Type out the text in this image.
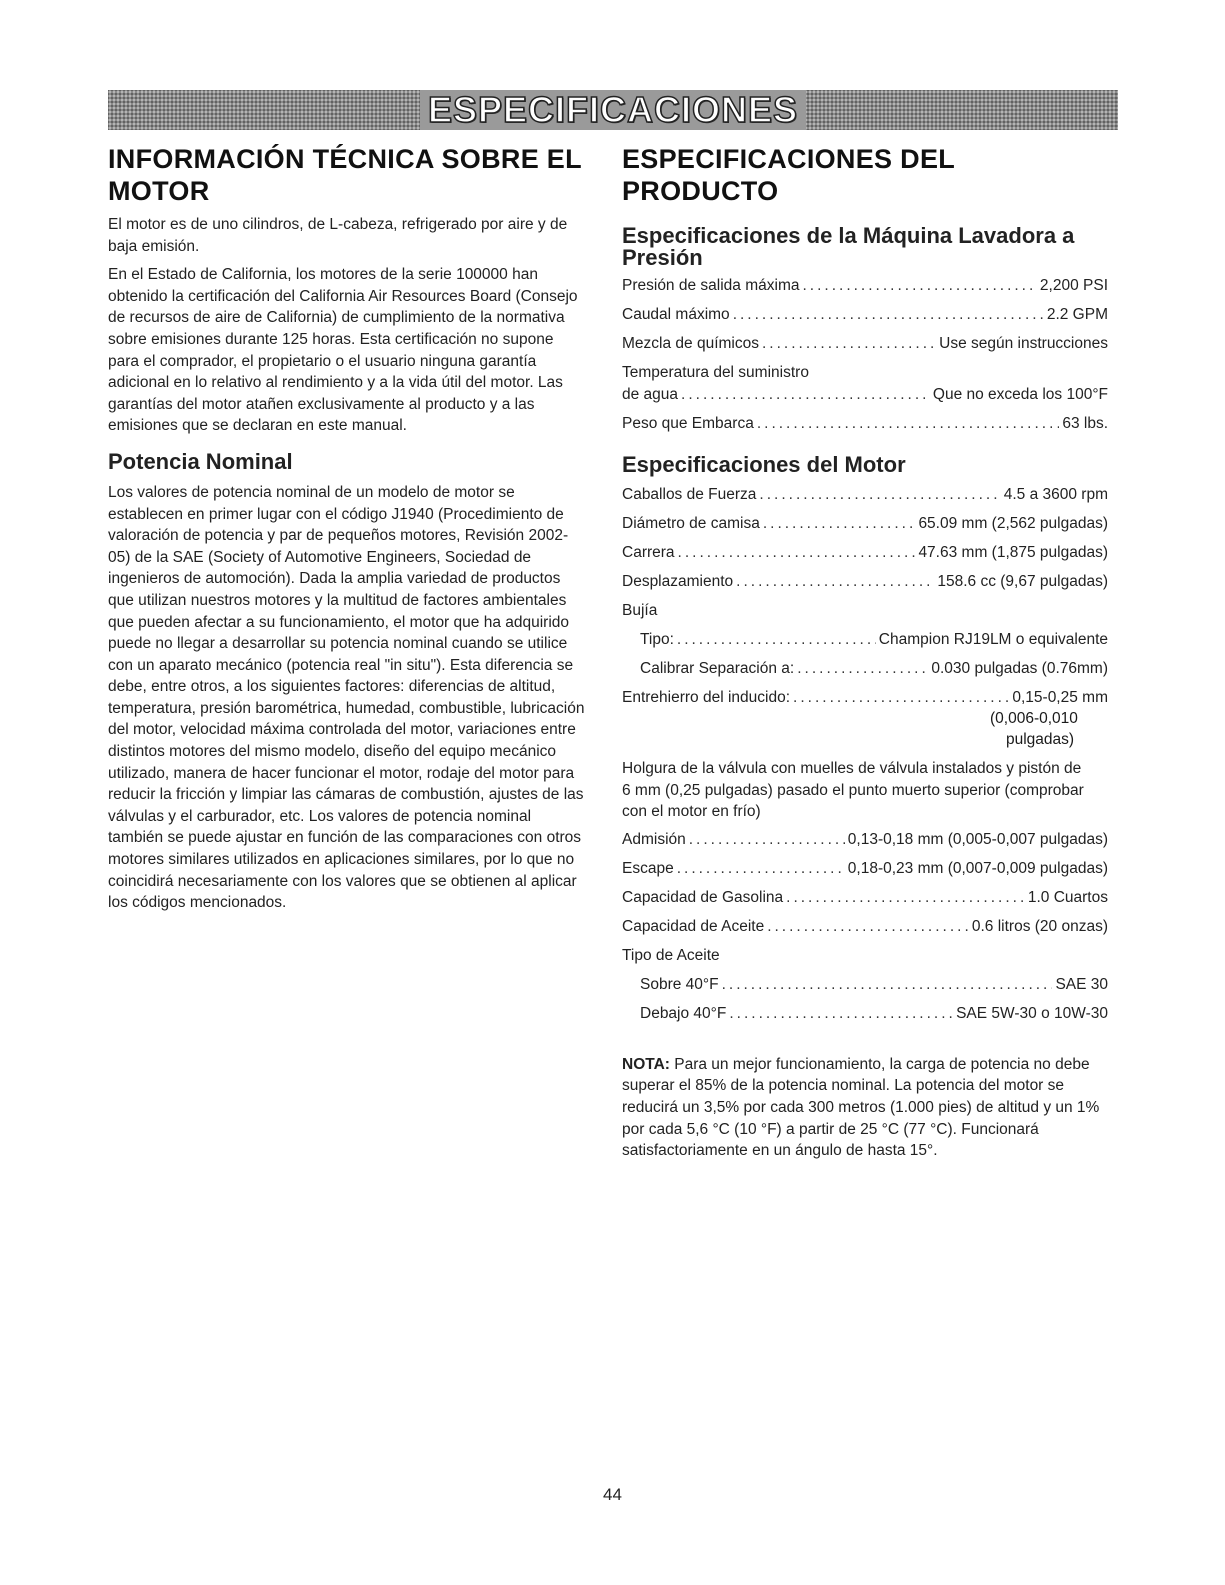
ESPECIFICACIONES
INFORMACIÓN TÉCNICA SOBRE EL MOTOR

El motor es de uno cilindros, de L-cabeza, refrigerado por aire y de baja emisión.

En el Estado de California, los motores de la serie 100000 han obtenido la certificación del California Air Resources Board (Consejo de recursos de aire de California) de cumplimiento de la normativa sobre emisiones durante 125 horas. Esta certificación no supone para el comprador, el propietario o el usuario ninguna garantía adicional en lo relativo al rendimiento y a la vida útil del motor. Las garantías del motor atañen exclusivamente al producto y a las emisiones que se declaran en este manual.

Potencia Nominal

Los valores de potencia nominal de un modelo de motor se establecen en primer lugar con el código J1940 (Procedimiento de valoración de potencia y par de pequeños motores, Revisión 2002-05) de la SAE (Society of Automotive Engineers, Sociedad de ingenieros de automoción). Dada la amplia variedad de productos que utilizan nuestros motores y la multitud de factores ambientales que pueden afectar a su funcionamiento, el motor que ha adquirido puede no llegar a desarrollar su potencia nominal cuando se utilice con un aparato mecánico (potencia real "in situ"). Esta diferencia se debe, entre otros, a los siguientes factores: diferencias de altitud, temperatura, presión barométrica, humedad, combustible, lubricación del motor, velocidad máxima controlada del motor, variaciones entre distintos motores del mismo modelo, diseño del equipo mecánico utilizado, manera de hacer funcionar el motor, rodaje del motor para reducir la fricción y limpiar las cámaras de combustión, ajustes de las válvulas y el carburador, etc. Los valores de potencia nominal también se puede ajustar en función de las comparaciones con otros motores similares utilizados en aplicaciones similares, por lo que no coincidirá necesariamente con los valores que se obtienen al aplicar los códigos mencionados.

ESPECIFICACIONES DEL PRODUCTO
Especificaciones de la Máquina Lavadora a Presión
Presión de salida máxima .....	2,200 PSI
Caudal máximo .....	2.2 GPM
Mezcla de químicos .....	Use según instrucciones
Temperatura del suministro
de agua .....	Que no exceda los 100°F
Peso que Embarca .....	63 lbs.
Especificaciones del Motor
Caballos de Fuerza .....	4.5 a 3600 rpm
Diámetro de camisa .....	65.09 mm (2,562 pulgadas)
Carrera .....	47.63 mm (1,875 pulgadas)
Desplazamiento .....	158.6 cc (9,67 pulgadas)
Bujía
Tipo: .....	Champion RJ19LM o equivalente
Calibrar Separación a: .....	0.030 pulgadas (0.76mm)
Entrehierro del inducido: .....	0,15-0,25 mm
(0,006-0,010
pulgadas)

Holgura de la válvula con muelles de válvula instalados y pistón de 6 mm (0,25 pulgadas) pasado el punto muerto superior (comprobar con el motor en frío)

Admisión .....	0,13-0,18 mm (0,005-0,007 pulgadas)
Escape .....	0,18-0,23 mm (0,007-0,009 pulgadas)
Capacidad de Gasolina .....	1.0 Cuartos
Capacidad de Aceite .....	0.6 litros (20 onzas)
Tipo de Aceite
Sobre 40°F .....	SAE 30
Debajo 40°F .....	SAE 5W-30 o 10W-30

NOTA: Para un mejor funcionamiento, la carga de potencia no debe superar el 85% de la potencia nominal. La potencia del motor se reducirá un 3,5% por cada 300 metros (1.000 pies) de altitud y un 1% por cada 5,6 °C (10 °F) a partir de 25 °C (77 °C). Funcionará satisfactoriamente en un ángulo de hasta 15°.

44
